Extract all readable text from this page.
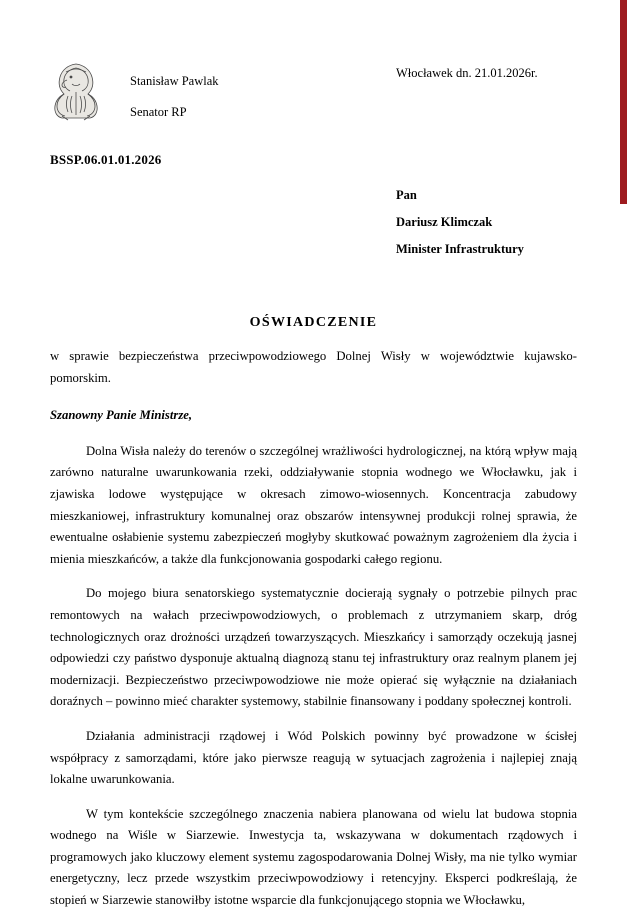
Stanisław Pawlak
Senator RP
Włocławek dn. 21.01.2026r.
BSSP.06.01.01.2026
Pan
Dariusz Klimczak
Minister Infrastruktury
OŚWIADCZENIE

w sprawie bezpieczeństwa przeciwpowodziowego Dolnej Wisły w województwie kujawsko-pomorskim.

Szanowny Panie Ministrze,

Dolna Wisła należy do terenów o szczególnej wrażliwości hydrologicznej, na którą wpływ mają zarówno naturalne uwarunkowania rzeki, oddziaływanie stopnia wodnego we Włocławku, jak i zjawiska lodowe występujące w okresach zimowo-wiosennych. Koncentracja zabudowy mieszkaniowej, infrastruktury komunalnej oraz obszarów intensywnej produkcji rolnej sprawia, że ewentualne osłabienie systemu zabezpieczeń mogłyby skutkować poważnym zagrożeniem dla życia i mienia mieszkańców, a także dla funkcjonowania gospodarki całego regionu.

Do mojego biura senatorskiego systematycznie docierają sygnały o potrzebie pilnych prac remontowych na wałach przeciwpowodziowych, o problemach z utrzymaniem skarp, dróg technologicznych oraz drożności urządzeń towarzyszących. Mieszkańcy i samorządy oczekują jasnej odpowiedzi czy państwo dysponuje aktualną diagnozą stanu tej infrastruktury oraz realnym planem jej modernizacji. Bezpieczeństwo przeciwpowodziowe nie może opierać się wyłącznie na działaniach doraźnych – powinno mieć charakter systemowy, stabilnie finansowany i poddany społecznej kontroli.

Działania administracji rządowej i Wód Polskich powinny być prowadzone w ścisłej współpracy z samorządami, które jako pierwsze reagują w sytuacjach zagrożenia i najlepiej znają lokalne uwarunkowania.

W tym kontekście szczególnego znaczenia nabiera planowana od wielu lat budowa stopnia wodnego na Wiśle w Siarzewie. Inwestycja ta, wskazywana w dokumentach rządowych i programowych jako kluczowy element systemu zagospodarowania Dolnej Wisły, ma nie tylko wymiar energetyczny, lecz przede wszystkim przeciwpowodziowy i retencyjny. Eksperci podkreślają, że stopień w Siarzewie stanowiłby istotne wsparcie dla funkcjonującego stopnia we Włocławku,
